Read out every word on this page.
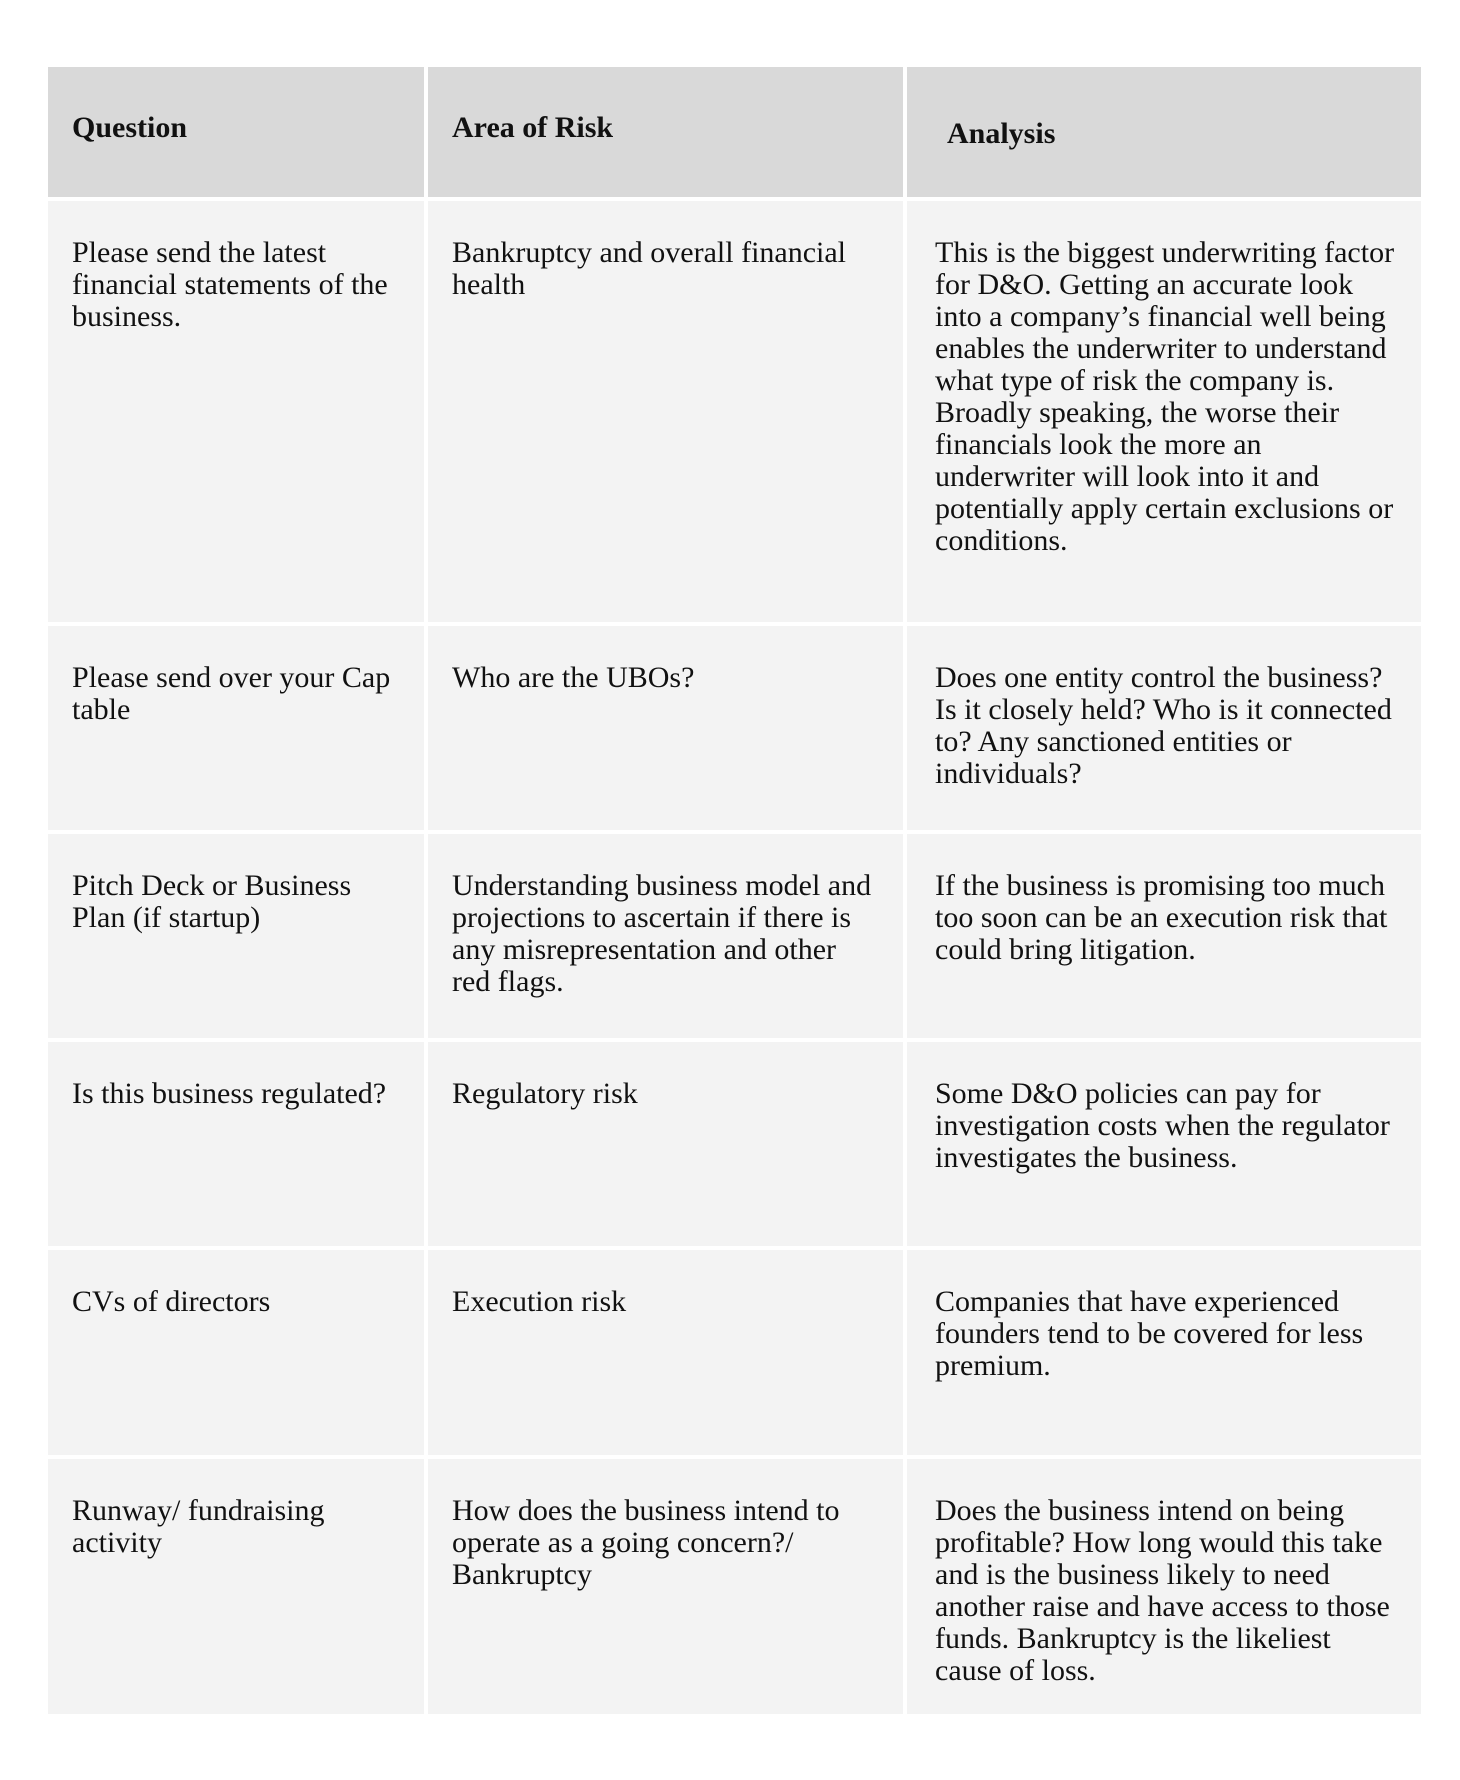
Question	Area of Risk	Analysis
Please send the latest financial statements of the business.	Bankruptcy and overall financial health	This is the biggest underwriting factor for D&O. Getting an accurate look into a company’s financial well being enables the underwriter to understand what type of risk the company is. Broadly speaking, the worse their financials look the more an underwriter will look into it and potentially apply certain exclusions or conditions.
Please send over your Cap table	Who are the UBOs?	Does one entity control the business? Is it closely held? Who is it connected to? Any sanctioned entities or individuals?
Pitch Deck or Business Plan (if startup)	Understanding business model and projections to ascertain if there is any misrepresentation and other red flags.	If the business is promising too much too soon can be an execution risk that could bring litigation.
Is this business regulated?	Regulatory risk	Some D&O policies can pay for investigation costs when the regulator investigates the business.
CVs of directors	Execution risk	Companies that have experienced founders tend to be covered for less premium.
Runway/ fundraising activity	How does the business intend to operate as a going concern?/ Bankruptcy	Does the business intend on being profitable? How long would this take and is the business likely to need another raise and have access to those funds. Bankruptcy is the likeliest cause of loss.
